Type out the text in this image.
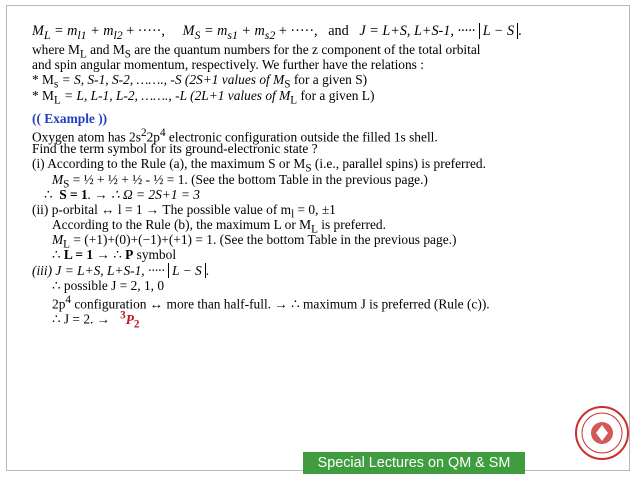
$M_L = m_{l1} + m_{l2}$ + ·····, $M_S = m_{s1} + m_{s2}$ + ·····, and J = L+S, L+S-1, ····· L − S .
where $M_L$ and $M_S$ are the quantum numbers for the z component of the total orbital
and spin angular momentum, respectively. We further have the relations :
* $M_s = S$, S-1, S-2, ……., -S (2S+1 values of $M_S$ for a given S)
* $M_L = L$, L-1, L-2, ……., -L (2L+1 values of $M_L$ for a given L)
(( Example ))
Oxygen atom has $2s^22p^4$ electronic configuration outside the filled 1s shell.
Find the term symbol for its ground-electronic state ?
(i) According to the Rule (a), the maximum S or $M_S$ (i.e., parallel spins) is preferred.
$M_S$ = ½ + ½ + ½ - ½ = 1. (See the bottom Table in the previous page.)
∴ S = 1. → ∴ Ω = 2S+1 = 3
(ii) p-orbital ↔ l = 1 → The possible value of $m_l = 0$, ±1
According to the Rule (b), the maximum L or $M_L$ is preferred.
$M_L = (+1)+(0)+(-1)+(+1) = 1$. (See the bottom Table in the previous page.)
∴ L = 1 → ∴ P symbol
(iii) J = L+S, L+S-1, ····· L − S .
∴ possible J = 2, 1, 0
$2p^4$ configuration ↔ more than half-full. → ∴ maximum J is preferred (Rule (c)).
∴ J = 2. → $^3P_2$
Special Lectures on QM & SM
